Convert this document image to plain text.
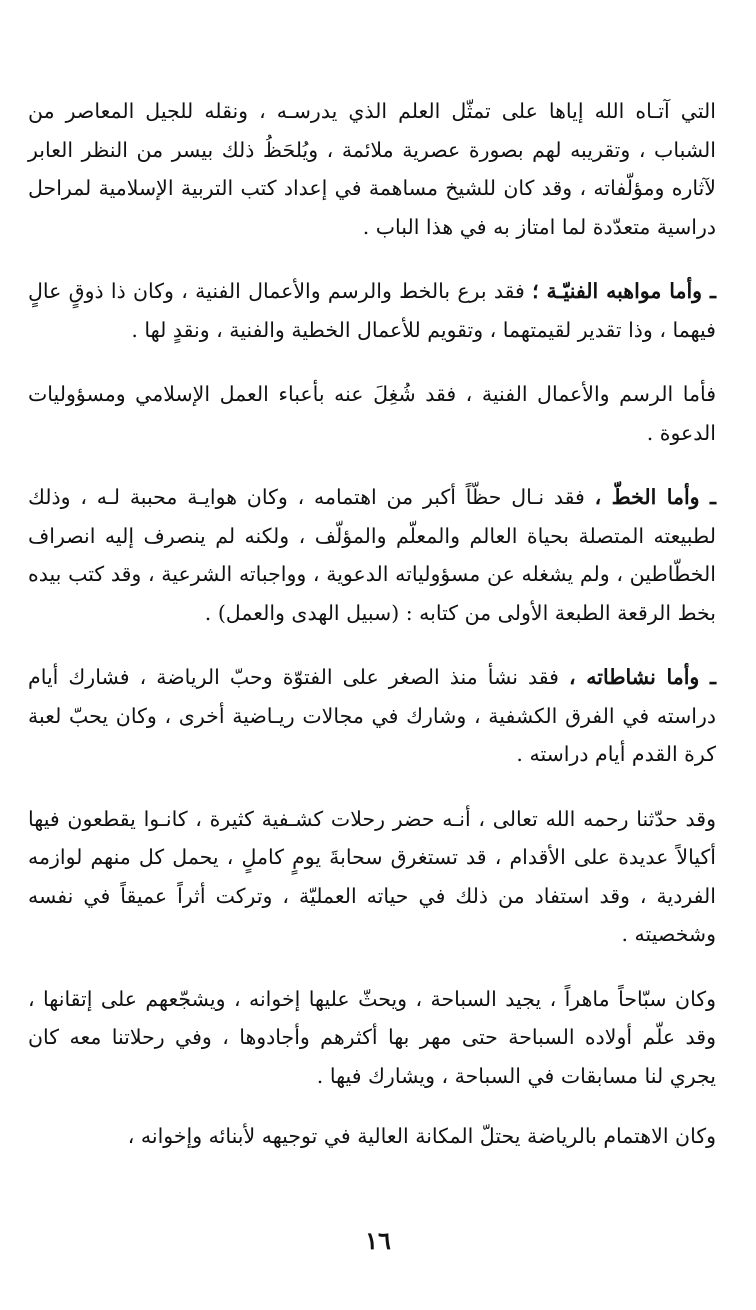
التي آتـاه الله إياها على تمثّل العلم الذي يدرسـه ، ونقله للجيل المعاصر من الشباب ، وتقريبه لهم بصورة عصرية ملائمة ، ويُلحَظُ ذلك بيسر من النظر العابر لآثاره ومؤلّفاته ، وقد كان للشيخ مساهمة في إعداد كتب التربية الإسلامية لمراحل دراسية متعدّدة لما امتاز به في هذا الباب .

ـ وأما مواهبه الفنيّـة ؛ فقد برع بالخط والرسم والأعمال الفنية ، وكان ذا ذوقٍ عالٍ فيهما ، وذا تقدير لقيمتهما ، وتقويم للأعمال الخطية والفنية ، ونقدٍ لها .

فأما الرسم والأعمال الفنية ، فقد شُغِلَ عنه بأعباء العمل الإسلامي ومسؤوليات الدعوة .

ـ وأما الخطّ ، فقد نـال حظّاً أكبر من اهتمامه ، وكان هوايـة محببة لـه ، وذلك لطبيعته المتصلة بحياة العالم والمعلّم والمؤلّف ، ولكنه لم ينصرف إليه انصراف الخطّاطين ، ولم يشغله عن مسؤولياته الدعوية ، وواجباته الشرعية ، وقد كتب بيده بخط الرقعة الطبعة الأولى من كتابه : (سبيل الهدى والعمل) .

ـ وأما نشاطاته ، فقد نشأ منذ الصغر على الفتوّة وحبّ الرياضة ، فشارك أيام دراسته في الفرق الكشفية ، وشارك في مجالات ريـاضية أخرى ، وكان يحبّ لعبة كرة القدم أيام دراسته .

وقد حدّثنا رحمه الله تعالى ، أنـه حضر رحلات كشـفية كثيرة ، كانـوا يقطعون فيها أكيالاً عديدة على الأقدام ، قد تستغرق سحابةَ يومٍ كاملٍ ، يحمل كل منهم لوازمه الفردية ، وقد استفاد من ذلك في حياته العمليّة ، وتركت أثراً عميقاً في نفسه وشخصيته .

وكان سبّاحاً ماهراً ، يجيد السباحة ، ويحثّ عليها إخوانه ، ويشجّعهم على إتقانها ، وقد علّم أولاده السباحة حتى مهر بها أكثرهم وأجادوها ، وفي رحلاتنا معه كان يجري لنا مسابقات في السباحة ، ويشارك فيها .

وكان الاهتمام بالرياضة يحتلّ المكانة العالية في توجيهه لأبنائه وإخوانه ،

١٦
